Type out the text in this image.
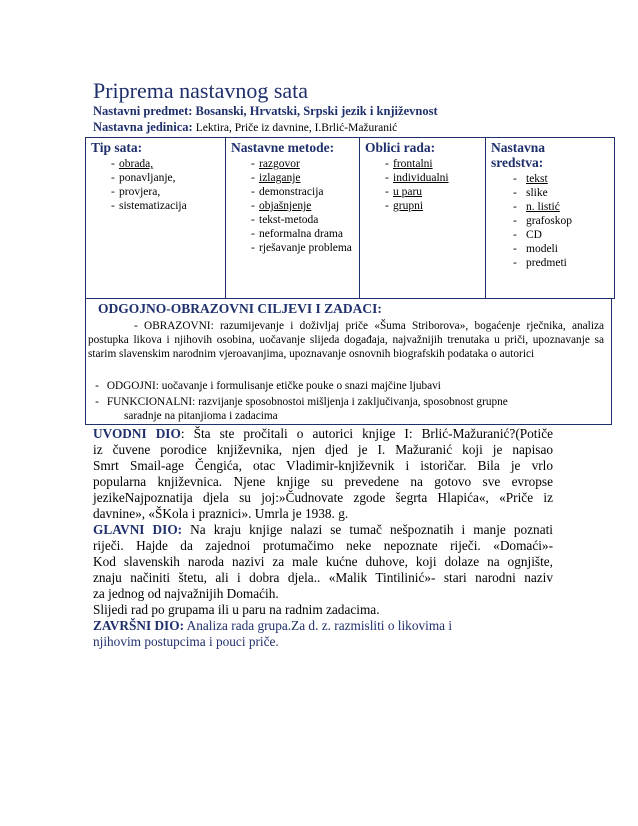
Priprema nastavnog sata
Nastavni predmet: Bosanski, Hrvatski, Srpski jezik i književnost
Nastavna jedinica: Lektira, Priče iz davnine, I.Brlić-Mažuranić
Tip sata:
- obrada,
- ponavljanje,
- provjera,
- sistematizacija

Nastavne metode:
- razgovor
- izlaganje
- demonstracija
- objašnjenje
- tekst-metoda
- neformalna drama
- rješavanje problema

Oblici rada:
- frontalni
- individualni
- u paru
- grupni

Nastavna
sredstva:
- tekst
- slike
- n. listić
- grafoskop
- CD
- modeli
- predmeti
ODGOJNO-OBRAZOVNI CILJEVI I ZADACI:
- OBRAZOVNI: razumijevanje i doživljaj priče «Šuma Striborova», bogaćenje rječnika, analiza postupka likova i njihovih osobina, uočavanje slijeda događaja, najvažnijih trenutaka u priči, upoznavanje sa starim slavenskim narodnim vjeroavanjima, upoznavanje osnovnih biografskih podataka o autorici
- ODGOJNI: uočavanje i formulisanje etičke pouke o snazi majčine ljubavi
- FUNKCIONALNI: razvijanje sposobnostoi mišljenja i zaključivanja, sposobnost grupne
saradnje na pitanjioma i zadacima

UVODNI DIO: Šta ste pročitali o autorici knjige I: Brlić-Mažuranić?(Potiče

iz čuvene porodice književnika, njen djed je I. Mažuranić koji je napisao

Smrt Smail-age Čengića, otac Vladimir-književnik i istoričar. Bila je vrlo

popularna književnica. Njene knjige su prevedene na gotovo sve evropse

jezikeNajpoznatija djela su joj:»Čudnovate zgode šegrta Hlapića«, «Priče iz

davnine», «ŠKola i praznici». Umrla je 1938. g.

GLAVNI DIO: Na kraju knjige nalazi se tumač nešpoznatih i manje poznati

riječi. Hajde da zajednoi protumačimo neke nepoznate riječi. «Domaći»-

Kod slavenskih naroda nazivi za male kućne duhove, koji dolaze na ognjište,

znaju načiniti štetu, ali i dobra djela.. «Malik Tintilinić»- stari narodni naziv

za jednog od najvažnijih Domaćih.

Slijedi rad po grupama ili u paru na radnim zadacima.

ZAVRŠNI DIO: Analiza rada grupa.Za d. z. razmisliti o likovima i

njihovim postupcima i pouci priče.
